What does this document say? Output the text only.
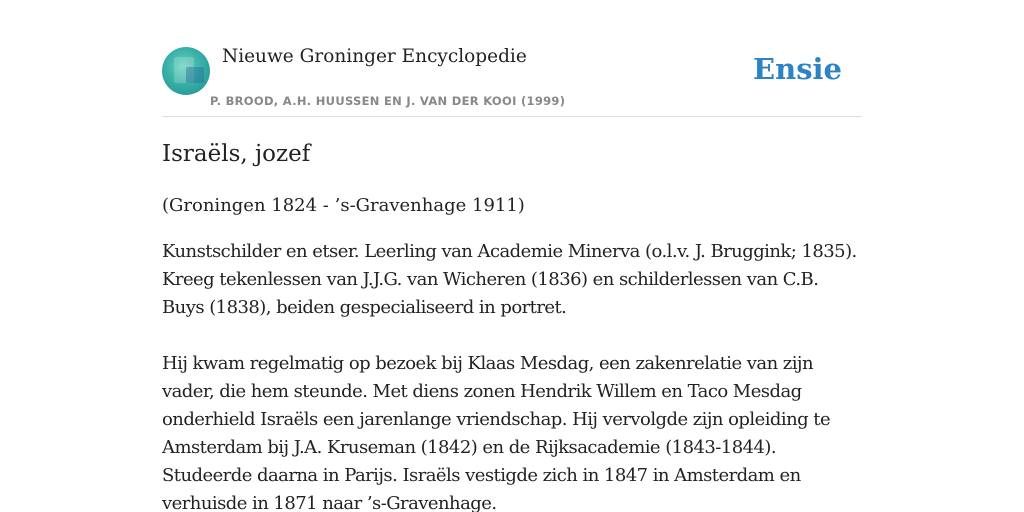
Nieuwe Groninger Encyclopedie
P. BROOD, A.H. HUUSSEN EN J. VAN DER KOOI (1999)
Ensie
Israëls, jozef

(Groningen 1824 - ’s-Gravenhage 1911)

Kunstschilder en etser. Leerling van Academie Minerva (o.l.v. J. Bruggink; 1835). Kreeg tekenlessen van J.J.G. van Wicheren (1836) en schilderlessen van C.B. Buys (1838), beiden gespecialiseerd in portret.

Hij kwam regelmatig op bezoek bij Klaas Mesdag, een zakenrelatie van zijn vader, die hem steunde. Met diens zonen Hendrik Willem en Taco Mesdag onderhield Israëls een jarenlange vriendschap. Hij vervolgde zijn opleiding te Amsterdam bij J.A. Kruseman (1842) en de Rijksacademie (1843-1844). Studeerde daarna in Parijs. Israëls vestigde zich in 1847 in Amsterdam en verhuisde in 1871 naar ’s-Gravenhage.
